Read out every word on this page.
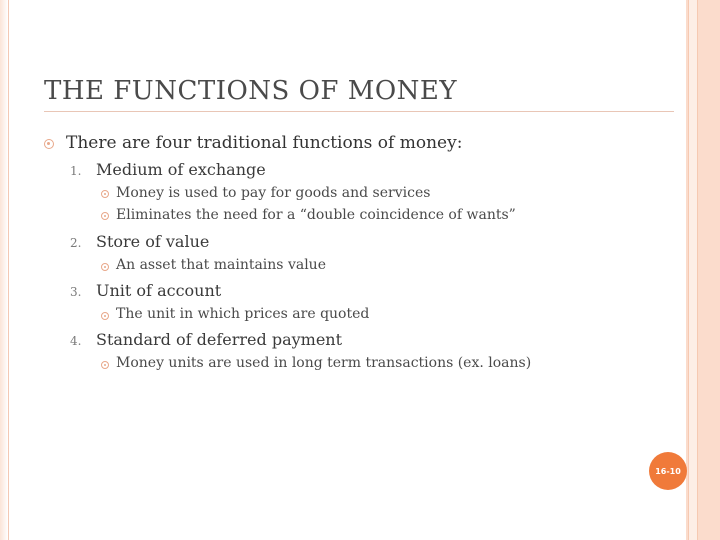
THE FUNCTIONS OF MONEY
There are four traditional functions of money:
1. Medium of exchange
Money is used to pay for goods and services
Eliminates the need for a “double coincidence of wants”
2. Store of value
An asset that maintains value
3. Unit of account
The unit in which prices are quoted
4. Standard of deferred payment
Money units are used in long term transactions (ex. loans)
16-10
